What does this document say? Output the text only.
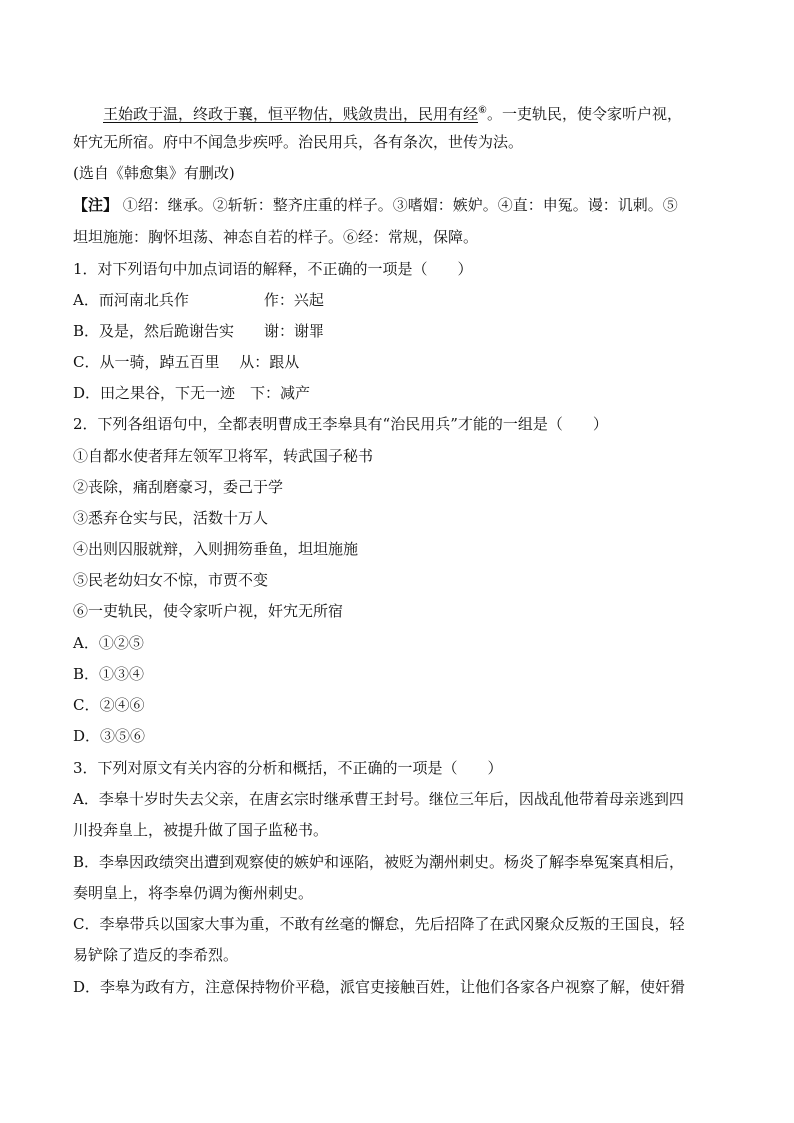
王始政于温，终政于襄，恒平物估，贱敛贵出，民用有经⑥。一吏轨民，使令家听户视，
奸宄无所宿。府中不闻急步疾呼。治民用兵，各有条次，世传为法。
(选自《韩愈集》有删改)
【注】 ①绍：继承。②斩斩：整齐庄重的样子。③嗜媢：嫉妒。④直：申冤。谩：讥刺。⑤
坦坦施施：胸怀坦荡、神态自若的样子。⑥经：常规，保障。
1．对下列语句中加点词语的解释，不正确的一项是（　　）
A．而河南北兵作　　　　　作：兴起
B．及是，然后跪谢告实　　谢：谢罪
C．从一骑，踔五百里　 从：跟从
D．田之果谷，下无一迹　下：减产
2．下列各组语句中，全都表明曹成王李皋具有“治民用兵”才能的一组是（　　）
①自都水使者拜左领军卫将军，转武国子秘书
②丧除，痛刮磨豪习，委己于学
③悉弃仓实与民，活数十万人
④出则囚服就辩，入则拥笏垂鱼，坦坦施施
⑤民老幼妇女不惊，市贾不变
⑥一吏轨民，使令家听户视，奸宄无所宿
A．①②⑤
B．①③④
C．②④⑥
D．③⑤⑥
3．下列对原文有关内容的分析和概括，不正确的一项是（　　）
A．李皋十岁时失去父亲，在唐玄宗时继承曹王封号。继位三年后，因战乱他带着母亲逃到四
川投奔皇上，被提升做了国子监秘书。
B．李皋因政绩突出遭到观察使的嫉妒和诬陷，被贬为潮州刺史。杨炎了解李皋冤案真相后，
奏明皇上，将李皋仍调为衡州刺史。
C．李皋带兵以国家大事为重，不敢有丝毫的懈怠，先后招降了在武冈聚众反叛的王国良，轻
易铲除了造反的李希烈。
D．李皋为政有方，注意保持物价平稳，派官吏接触百姓，让他们各家各户视察了解，使奸猾
